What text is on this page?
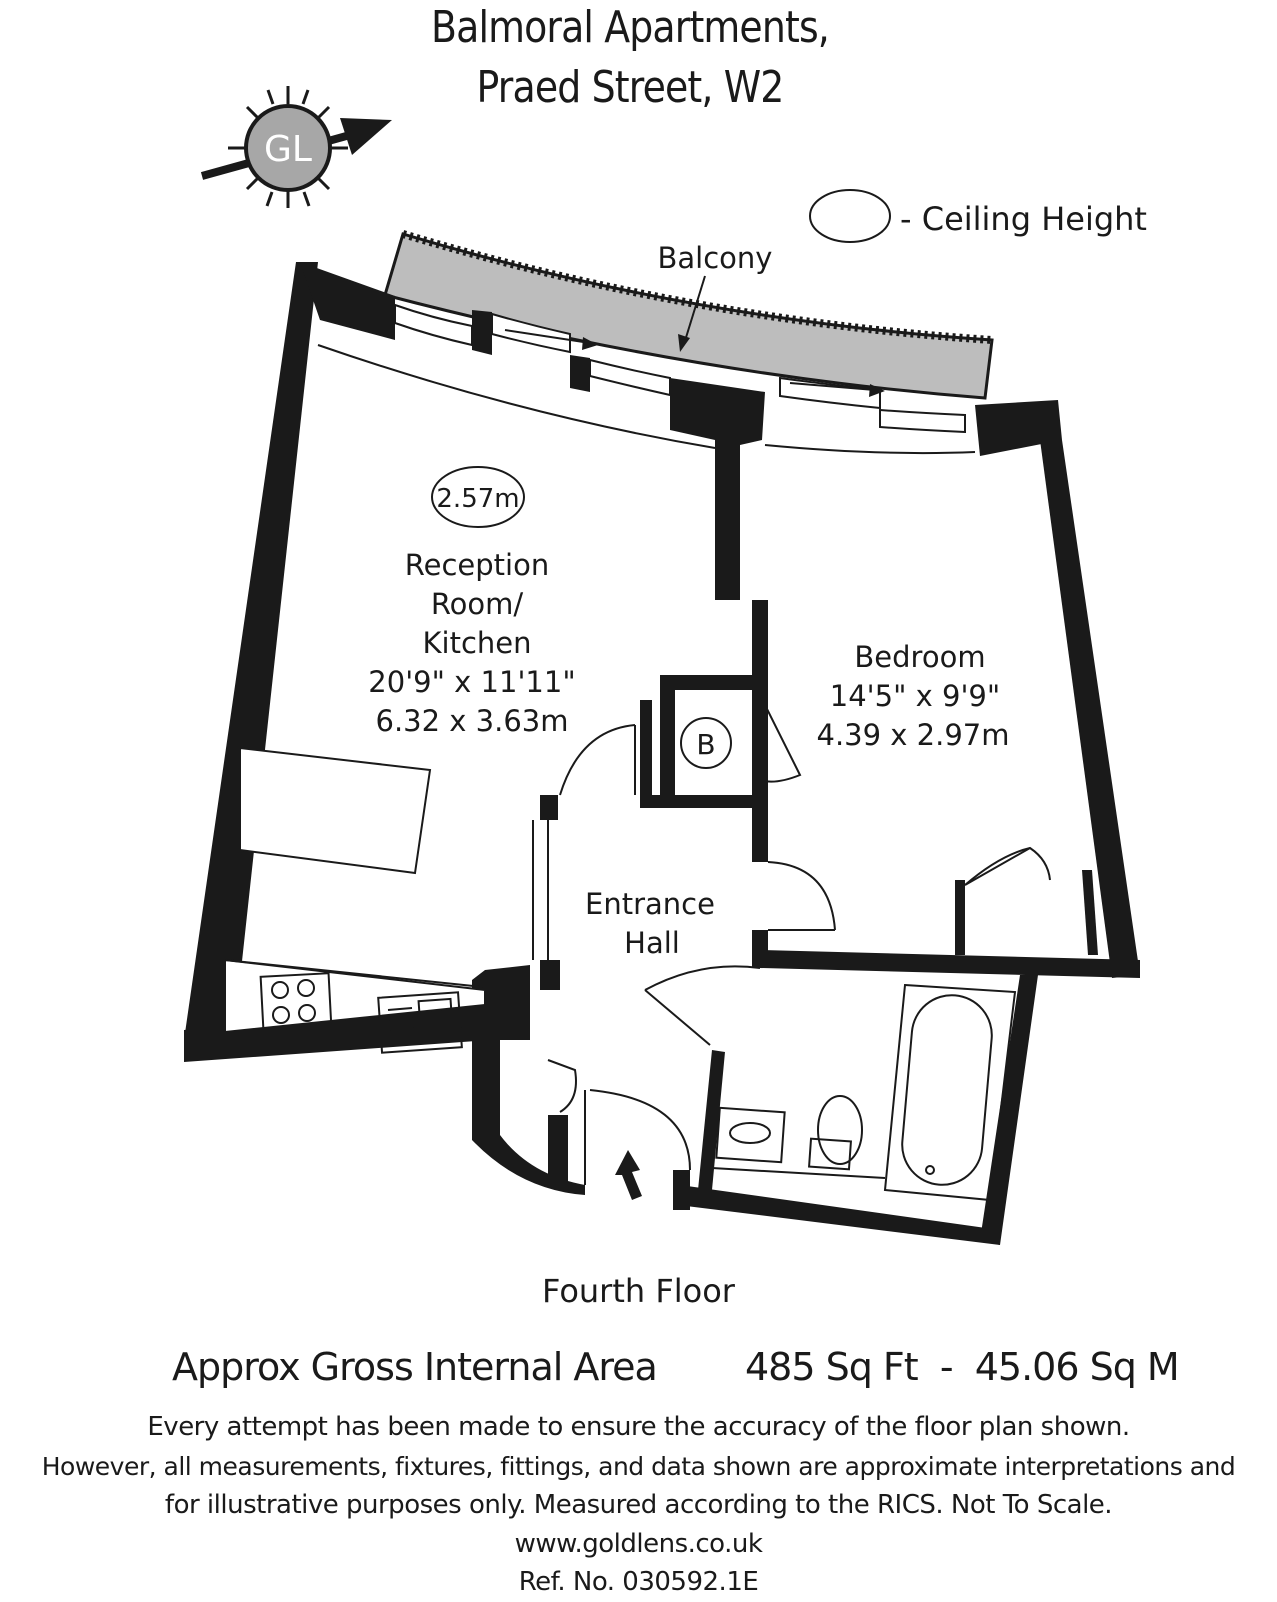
Balmoral Apartments,
Praed Street, W2
GL
- Ceiling Height
Balcony
2.57m
Reception
Room/
Kitchen
20'9" x 11'11"
6.32 x 3.63m
Bedroom
14'5" x 9'9"
4.39 x 2.97m
B
Entrance
Hall
Fourth Floor
Approx Gross Internal Area 485 Sq Ft  -  45.06 Sq M
Every attempt has been made to ensure the accuracy of the floor plan shown.
However, all measurements, fixtures, fittings, and data shown are approximate interpretations and
for illustrative purposes only. Measured according to the RICS. Not To Scale.
www.goldlens.co.uk
Ref. No. 030592.1E
